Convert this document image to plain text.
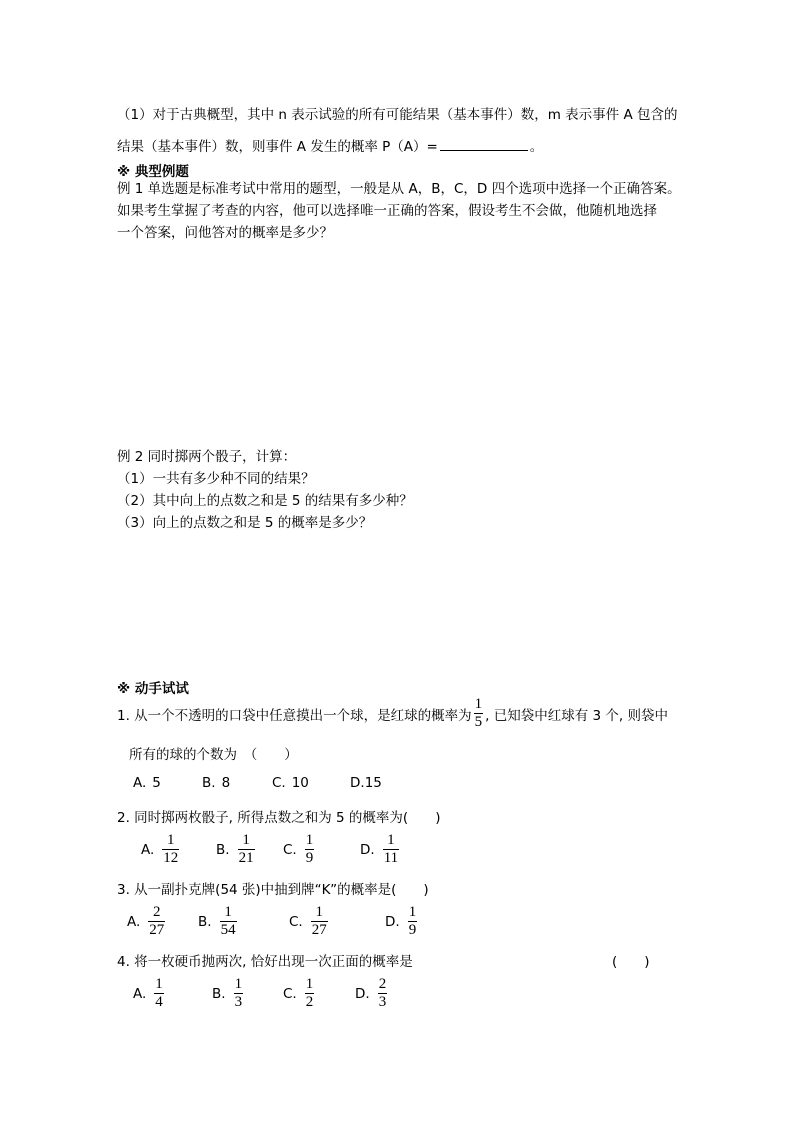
（1）对于古典概型，其中 n 表示试验的所有可能结果（基本事件）数，m 表示事件 A 包含的
结果（基本事件）数，则事件 A 发生的概率 P（A）=	。
※ 典型例题
例 1 单选题是标准考试中常用的题型，一般是从 A，B，C，D 四个选项中选择一个正确答案。
如果考生掌握了考查的内容，他可以选择唯一正确的答案，假设考生不会做，他随机地选择
一个答案，问他答对的概率是多少？
例 2 同时掷两个骰子，计算：
（1）一共有多少种不同的结果？
（2）其中向上的点数之和是 5 的结果有多少种？
（3）向上的点数之和是 5 的概率是多少？
※ 动手试试
1. 从一个不透明的口袋中任意摸出一个球，是红球的概率为 $\frac{1}{5}$ , 已知袋中红球有 3 个, 则袋中
所有的球的个数为　（　　）
A. 5	B. 8	C. 10	D. 15
2. 同时掷两枚骰子, 所得点数之和为 5 的概率为(　　)
A. $\frac{1}{12}$	B. $\frac{1}{21} C$. $\frac{1}{9}$	D. $\frac{1}{11}$
3. 从一副扑克牌(54 张)中抽到牌“K”的概率是(　　)
A. $\frac{2}{27} B$. $\frac{1}{54}$	C. $\frac{1}{27}$	D. $\frac{1}{9}$
4. 将一枚硬币抛两次, 恰好出现一次正面的概率是	(　　)
A. $\frac{1}{4}$	B. $\frac{1}{3}$	C. $\frac{1}{2}$	D. $\frac{2}{3}$
